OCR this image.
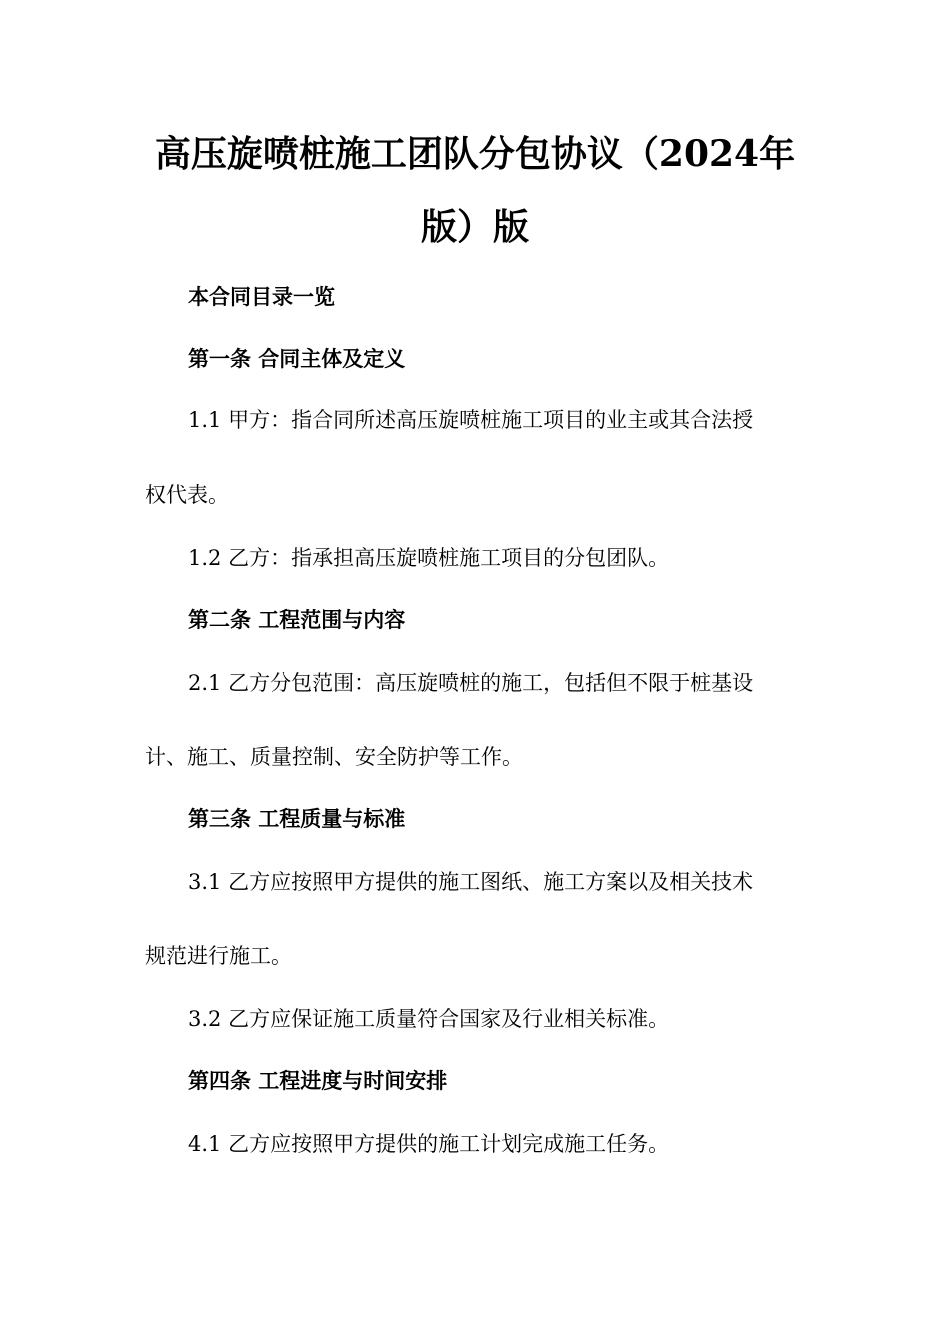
高压旋喷桩施工团队分包协议（2024年
版）版
本合同目录一览
第一条 合同主体及定义
1.1 甲方：指合同所述高压旋喷桩施工项目的业主或其合法授
权代表。
1.2 乙方：指承担高压旋喷桩施工项目的分包团队。
第二条 工程范围与内容
2.1 乙方分包范围：高压旋喷桩的施工，包括但不限于桩基设
计、施工、质量控制、安全防护等工作。
第三条 工程质量与标准
3.1 乙方应按照甲方提供的施工图纸、施工方案以及相关技术
规范进行施工。
3.2 乙方应保证施工质量符合国家及行业相关标准。
第四条 工程进度与时间安排
4.1 乙方应按照甲方提供的施工计划完成施工任务。
